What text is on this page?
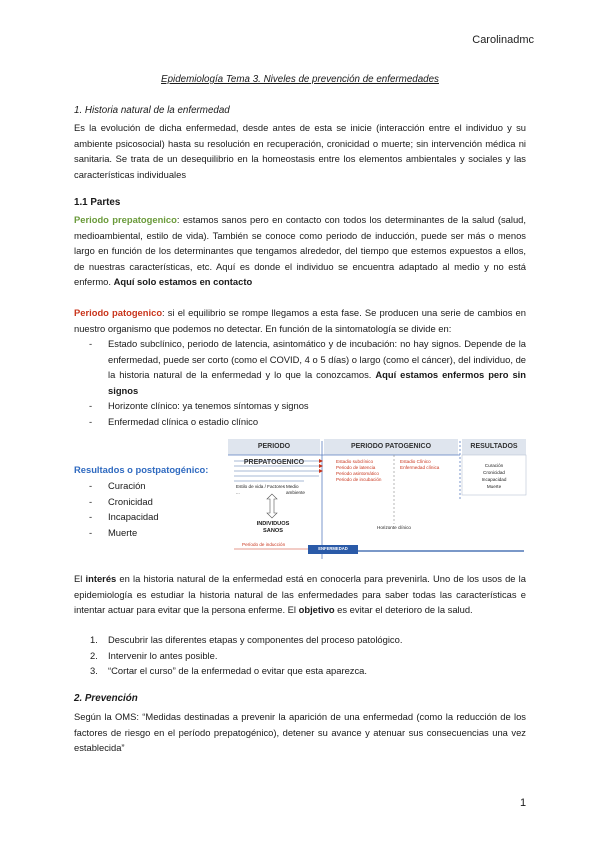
Carolinadmc
Epidemiología Tema 3. Niveles de prevención de enfermedades
1. Historia natural de la enfermedad
Es la evolución de dicha enfermedad, desde antes de esta se inicie (interacción entre el individuo y su ambiente psicosocial) hasta su resolución en recuperación, cronicidad o muerte; sin intervención médica ni sanitaria. Se trata de un desequilibrio en la homeostasis entre los elementos ambientales y sociales y las características individuales
1.1 Partes
Periodo prepatogenico: estamos sanos pero en contacto con todos los determinantes de la salud (salud, medioambiental, estilo de vida). También se conoce como periodo de inducción, puede ser más o menos largo en función de los determinantes que tengamos alrededor, del tiempo que estemos expuestos a ellos, de nuestras características, etc. Aquí es donde el individuo se encuentra adaptado al medio y no está enfermo. Aquí solo estamos en contacto
Periodo patogenico: si el equilibrio se rompe llegamos a esta fase. Se producen una serie de cambios en nuestro organismo que podemos no detectar. En función de la sintomatología se divide en:
- Estado subclínico, periodo de latencia, asintomático y de incubación: no hay signos. Depende de la enfermedad, puede ser corto (como el COVID, 4 o 5 días) o largo (como el cáncer), del individuo, de la historia natural de la enfermedad y lo que la conozcamos. Aquí estamos enfermos pero sin signos
- Horizonte clínico: ya tenemos síntomas y signos
- Enfermedad clínica o estadio clínico
Resultados o postpatogénico:
- Curación
- Cronicidad
- Incapacidad
- Muerte
PERIODO PREPATOGENICO
PERIODO PATOGENICO	RESULTADOS
Estadio subclínico
Periodo de latencia
Periodo asintomático
Periodo de incubación
Estadio Clínico
Enfermedad clínica	Curación
Cronicidad
Incapacidad
Muerte
Estilo de vida / Factores ...
Medio ambiente
INDIVIDUOS SANOS
Período de inducción
Horizonte clínico
ENFERMEDAD
El interés en la historia natural de la enfermedad está en conocerla para prevenirla. Uno de los usos de la epidemiología es estudiar la historia natural de las enfermedades para saber todas las características e intentar actuar para evitar que la persona enferme. El objetivo es evitar el deterioro de la salud.
1. Descubrir las diferentes etapas y componentes del proceso patológico.
2. Intervenir lo antes posible.
3. “Cortar el curso” de la enfermedad o evitar que esta aparezca.
2. Prevención
Según la OMS: “Medidas destinadas a prevenir la aparición de una enfermedad (como la reducción de los factores de riesgo en el período prepatogénico), detener su avance y atenuar sus consecuencias una vez establecida”
1
